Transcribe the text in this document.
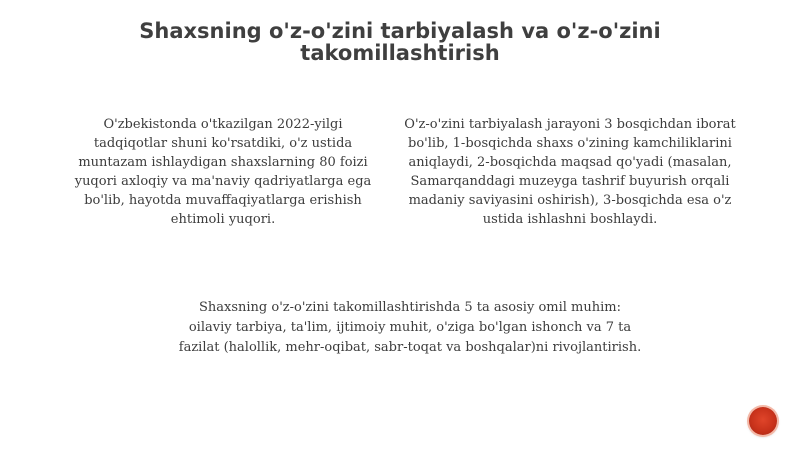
Shaxsning o'z-o'zini tarbiyalash va o'z-o'zini
takomillashtirish
O'zbekistonda o'tkazilgan 2022-yilgi tadqiqotlar shuni ko'rsatdiki, o'z ustida muntazam ishlaydigan shaxslarning 80 foizi yuqori axloqiy va ma'naviy qadriyatlarga ega bo'lib, hayotda muvaffaqiyatlarga erishish ehtimoli yuqori.
O'z-o'zini tarbiyalash jarayoni 3 bosqichdan iborat bo'lib, 1-bosqichda shaxs o'zining kamchiliklarini aniqlaydi, 2-bosqichda maqsad qo'yadi (masalan, Samarqanddagi muzeyga tashrif buyurish orqali madaniy saviyasini oshirish), 3-bosqichda esa o'z ustida ishlashni boshlaydi.
Shaxsning o'z-o'zini takomillashtirishda 5 ta asosiy omil muhim:
oilaviy tarbiya, ta'lim, ijtimoiy muhit, o'ziga bo'lgan ishonch va 7 ta
fazilat (halollik, mehr-oqibat, sabr-toqat va boshqalar)ni rivojlantirish.
